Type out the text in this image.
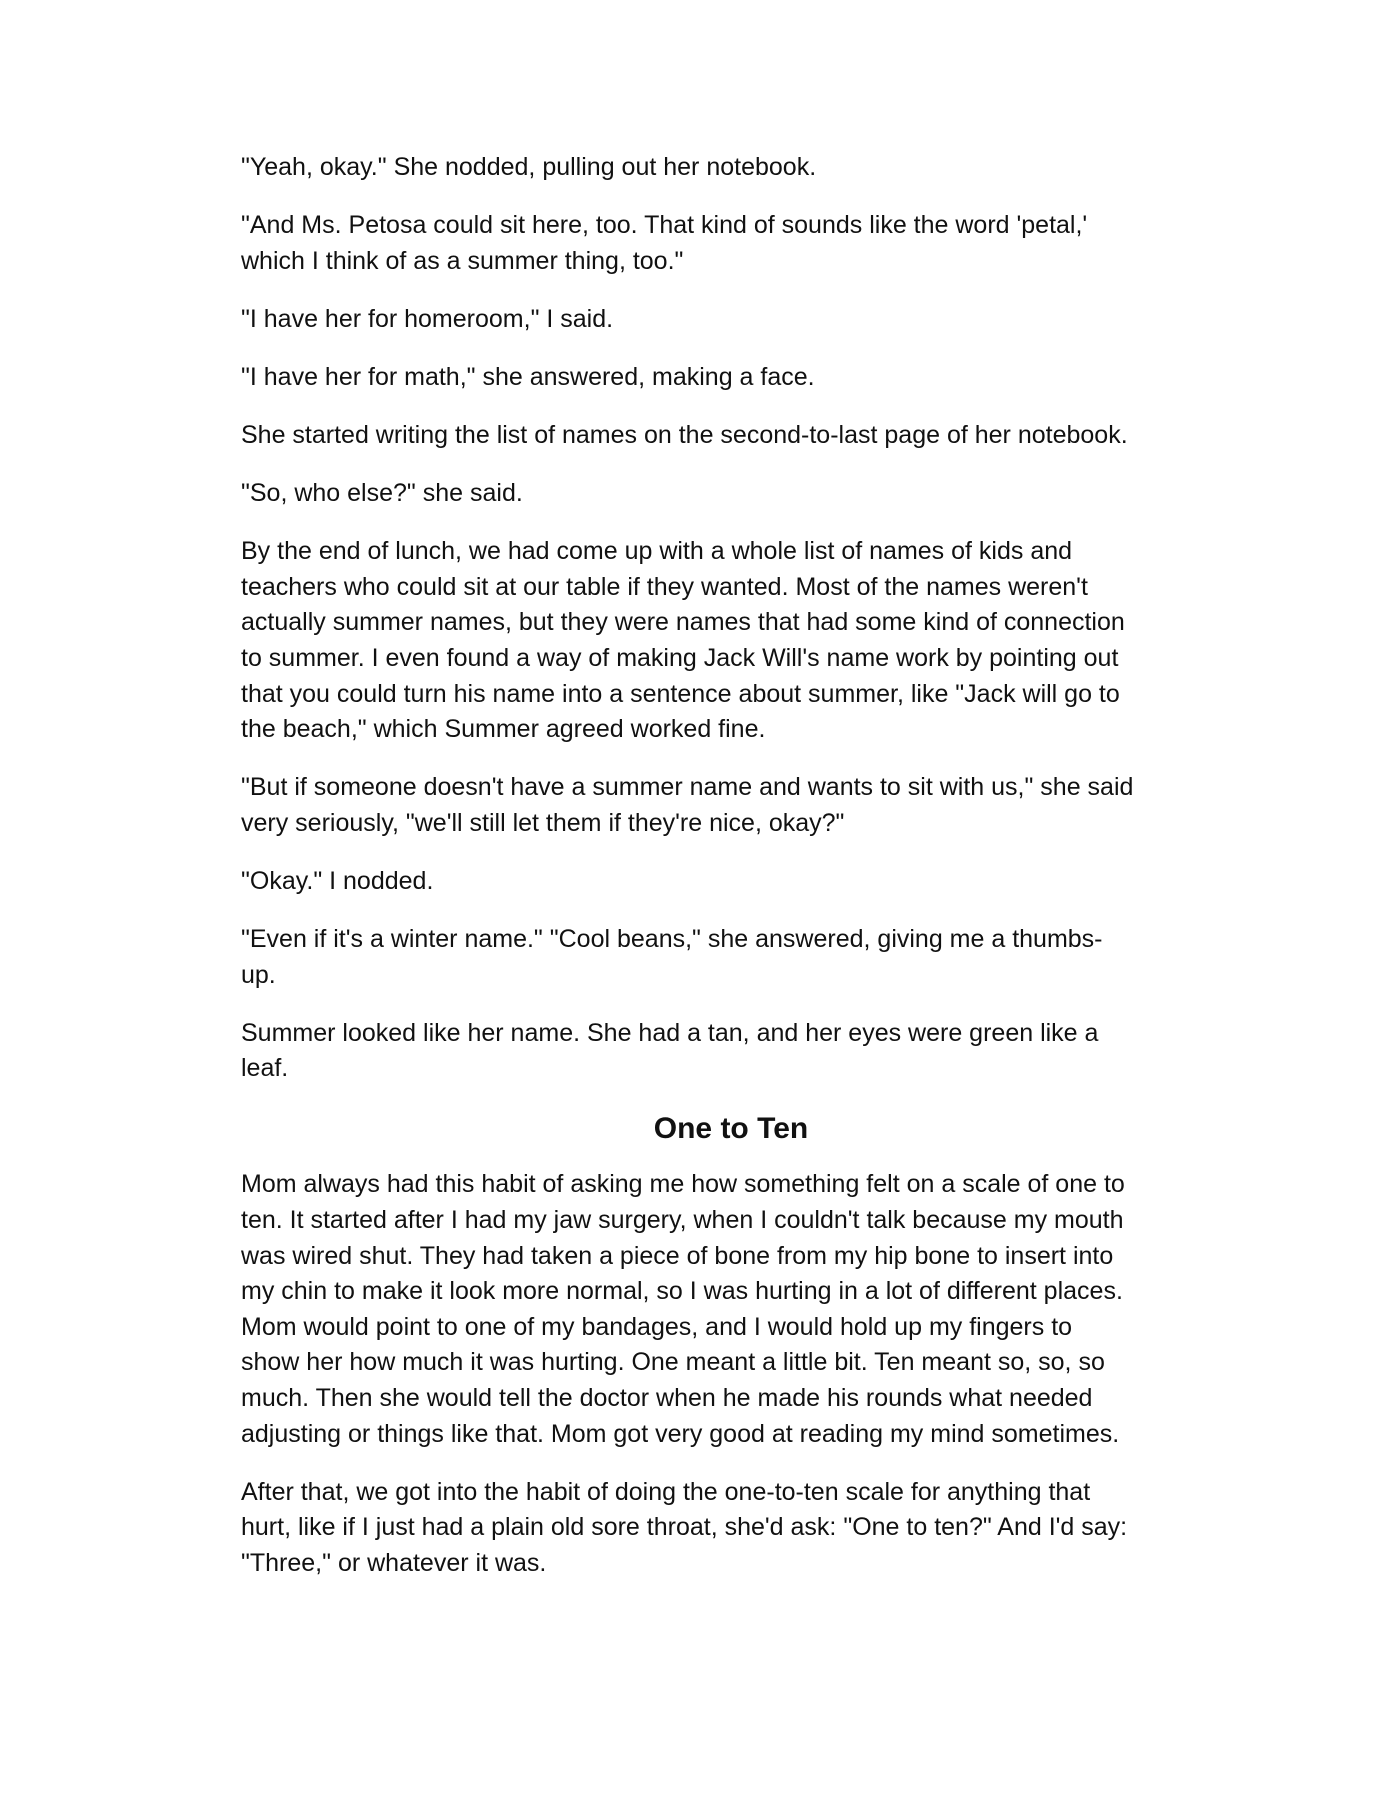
"Yeah, okay." She nodded, pulling out her notebook.

"And Ms. Petosa could sit here, too. That kind of sounds like the word 'petal,'
which I think of as a summer thing, too."

"I have her for homeroom," I said.

"I have her for math," she answered, making a face.

She started writing the list of names on the second-to-last page of her notebook.

"So, who else?" she said.

By the end of lunch, we had come up with a whole list of names of kids and
teachers who could sit at our table if they wanted. Most of the names weren't
actually summer names, but they were names that had some kind of connection
to summer. I even found a way of making Jack Will's name work by pointing out
that you could turn his name into a sentence about summer, like "Jack will go to
the beach," which Summer agreed worked fine.

"But if someone doesn't have a summer name and wants to sit with us," she said
very seriously, "we'll still let them if they're nice, okay?"

"Okay." I nodded.

"Even if it's a winter name." "Cool beans," she answered, giving me a thumbs-
up.

Summer looked like her name. She had a tan, and her eyes were green like a
leaf.

One to Ten

Mom always had this habit of asking me how something felt on a scale of one to
ten. It started after I had my jaw surgery, when I couldn't talk because my mouth
was wired shut. They had taken a piece of bone from my hip bone to insert into
my chin to make it look more normal, so I was hurting in a lot of different places.
Mom would point to one of my bandages, and I would hold up my fingers to
show her how much it was hurting. One meant a little bit. Ten meant so, so, so
much. Then she would tell the doctor when he made his rounds what needed
adjusting or things like that. Mom got very good at reading my mind sometimes.

After that, we got into the habit of doing the one-to-ten scale for anything that
hurt, like if I just had a plain old sore throat, she'd ask: "One to ten?" And I'd say:
"Three," or whatever it was.
